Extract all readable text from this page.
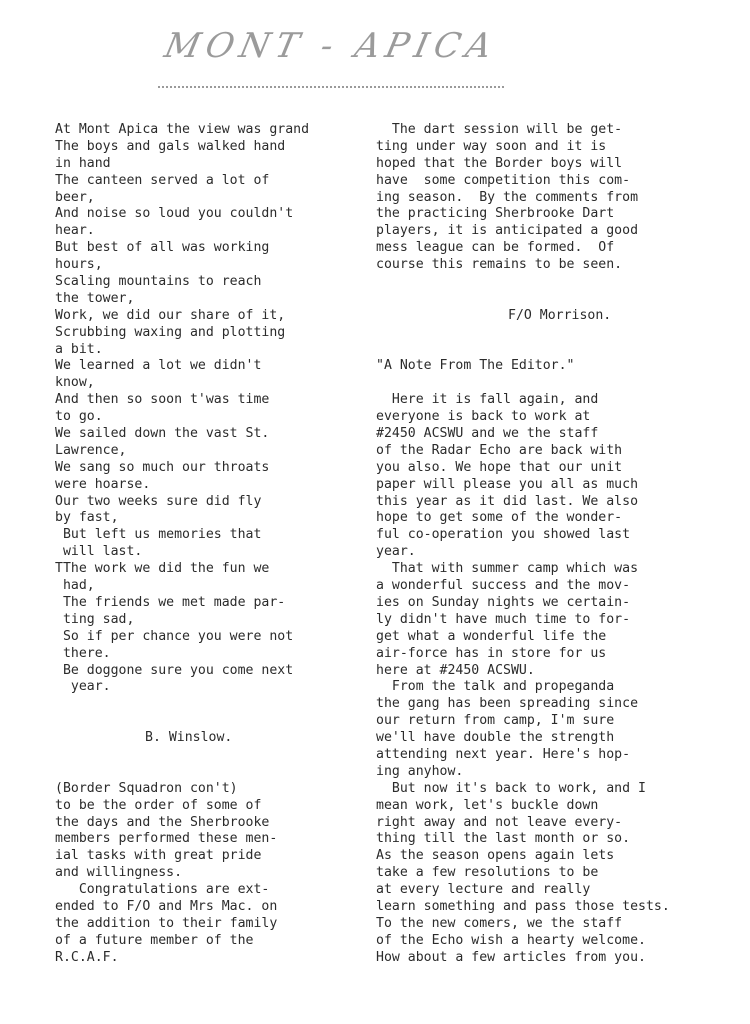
MONT - APICA
At Mont Apica the view was grand
The boys and gals walked hand
in hand
The canteen served a lot of
beer,
And noise so loud you couldn't
hear.
But best of all was working
hours,
Scaling mountains to reach
the tower,
Work, we did our share of it,
Scrubbing waxing and plotting
a bit.
We learned a lot we didn't
know,
And then so soon t'was time
to go.
We sailed down the vast St.
Lawrence,
We sang so much our throats
were hoarse.
Our two weeks sure did fly
by fast,
But left us memories that
will last.
TThe work we did the fun we
had,
The friends we met made par-
ting sad,
So if per chance you were not
there.
Be doggone sure you come next
year.
B. Winslow.
(Border Squadron con't)
to be the order of some of
the days and the Sherbrooke
members performed these men-
ial tasks with great pride
and willingness.
Congratulations are ext-
ended to F/O and Mrs Mac. on
the addition to their family
of a future member of the
R.C.A.F.
The dart session will be get-
ting under way soon and it is
hoped that the Border boys will
have  some competition this com-
ing season.  By the comments from
the practicing Sherbrooke Dart
players, it is anticipated a good
mess league can be formed.  Of
course this remains to be seen.
F/O Morrison.
"A Note From The Editor."
Here it is fall again, and
everyone is back to work at
#2450 ACSWU and we the staff
of the Radar Echo are back with
you also. We hope that our unit
paper will please you all as much
this year as it did last. We also
hope to get some of the wonder-
ful co-operation you showed last
year.
That with summer camp which was
a wonderful success and the mov-
ies on Sunday nights we certain-
ly didn't have much time to for-
get what a wonderful life the
air-force has in store for us
here at #2450 ACSWU.
From the talk and propeganda
the gang has been spreading since
our return from camp, I'm sure
we'll have double the strength
attending next year. Here's hop-
ing anyhow.
But now it's back to work, and I
mean work, let's buckle down
right away and not leave every-
thing till the last month or so.
As the season opens again lets
take a few resolutions to be
at every lecture and really
learn something and pass those tests.
To the new comers, we the staff
of the Echo wish a hearty welcome.
How about a few articles from you.
